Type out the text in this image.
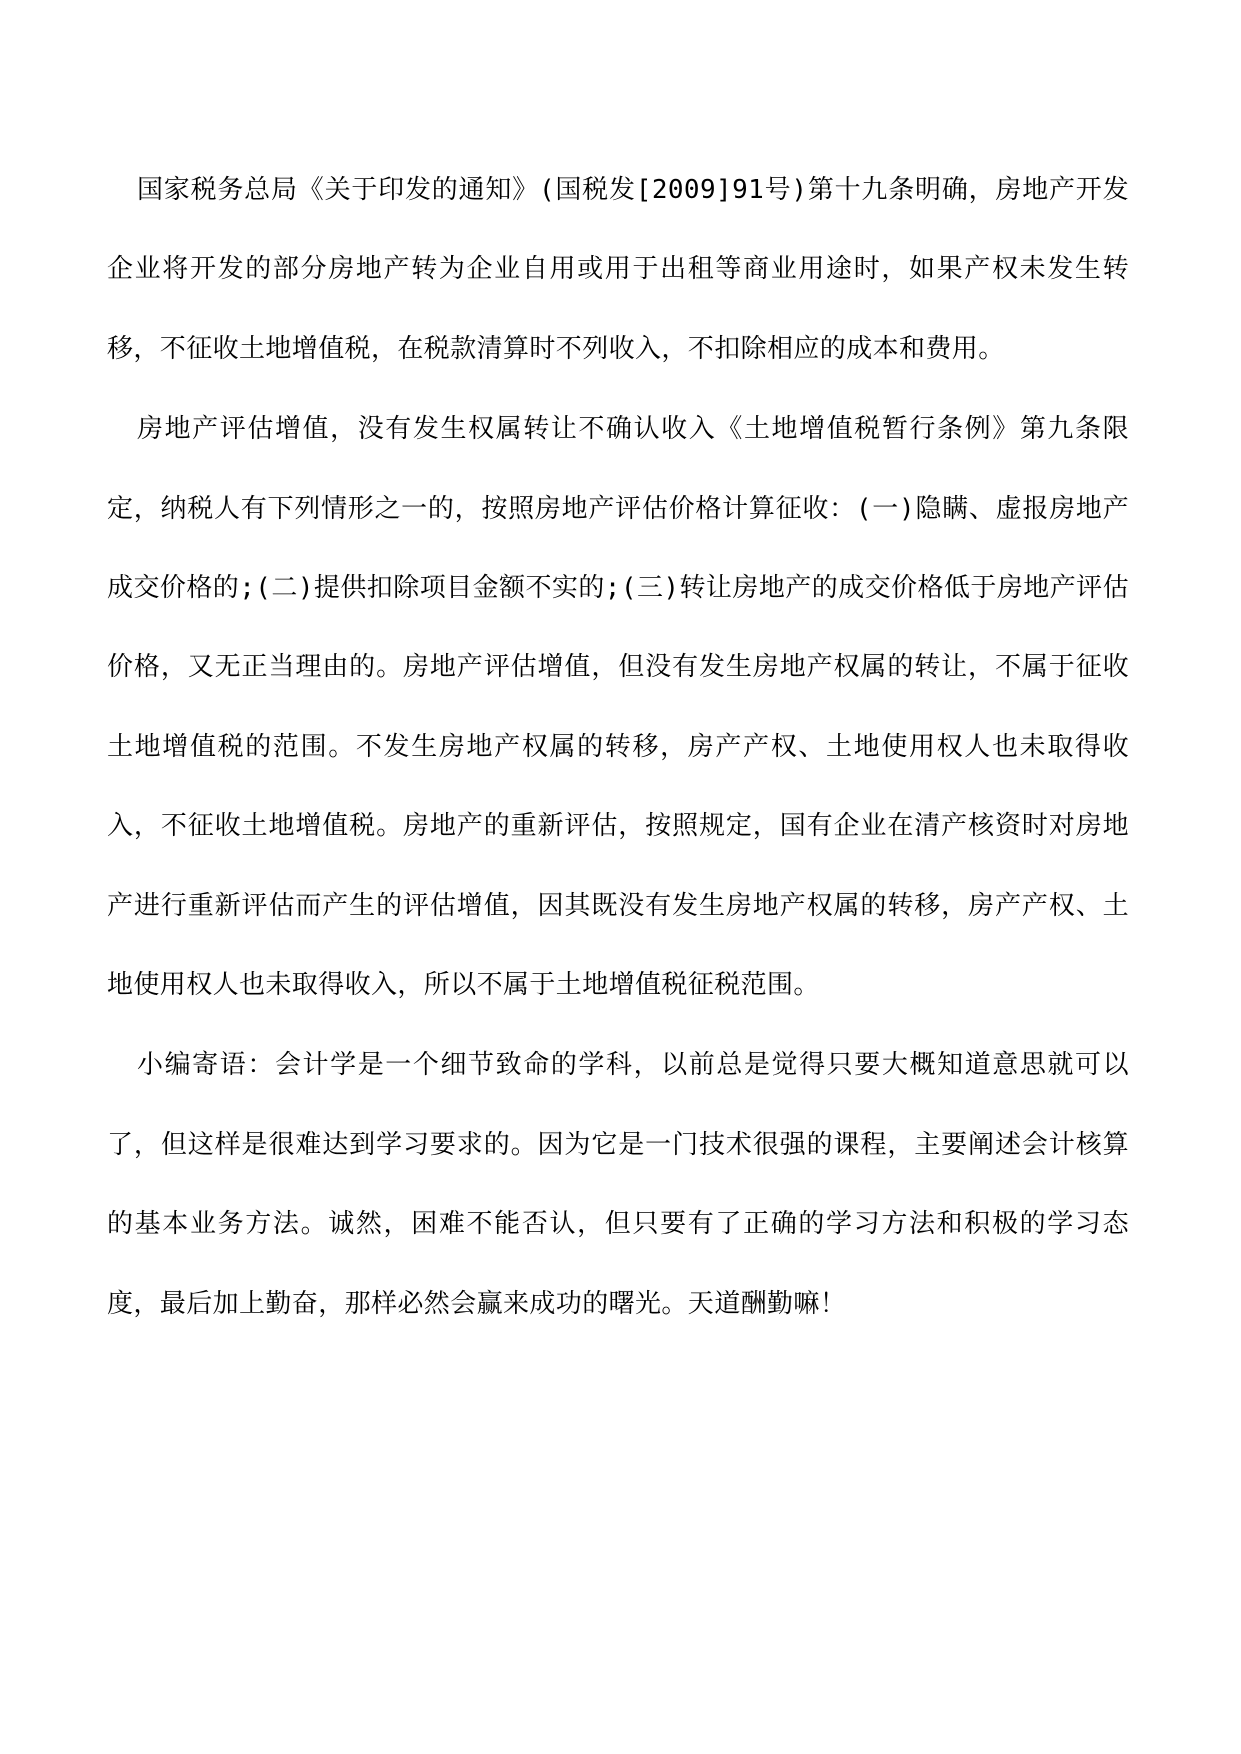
国家税务总局《关于印发的通知》(国税发[2009]91号)第十九条明确，房地产开发企业将开发的部分房地产转为企业自用或用于出租等商业用途时，如果产权未发生转移，不征收土地增值税，在税款清算时不列收入，不扣除相应的成本和费用。

房地产评估增值，没有发生权属转让不确认收入《土地增值税暂行条例》第九条限定，纳税人有下列情形之一的，按照房地产评估价格计算征收：(一)隐瞒、虚报房地产成交价格的;(二)提供扣除项目金额不实的;(三)转让房地产的成交价格低于房地产评估价格，又无正当理由的。房地产评估增值，但没有发生房地产权属的转让，不属于征收土地增值税的范围。不发生房地产权属的转移，房产产权、土地使用权人也未取得收入，不征收土地增值税。房地产的重新评估，按照规定，国有企业在清产核资时对房地产进行重新评估而产生的评估增值，因其既没有发生房地产权属的转移，房产产权、土地使用权人也未取得收入，所以不属于土地增值税征税范围。

小编寄语：会计学是一个细节致命的学科，以前总是觉得只要大概知道意思就可以了，但这样是很难达到学习要求的。因为它是一门技术很强的课程，主要阐述会计核算的基本业务方法。诚然，困难不能否认，但只要有了正确的学习方法和积极的学习态度，最后加上勤奋，那样必然会赢来成功的曙光。天道酬勤嘛！
